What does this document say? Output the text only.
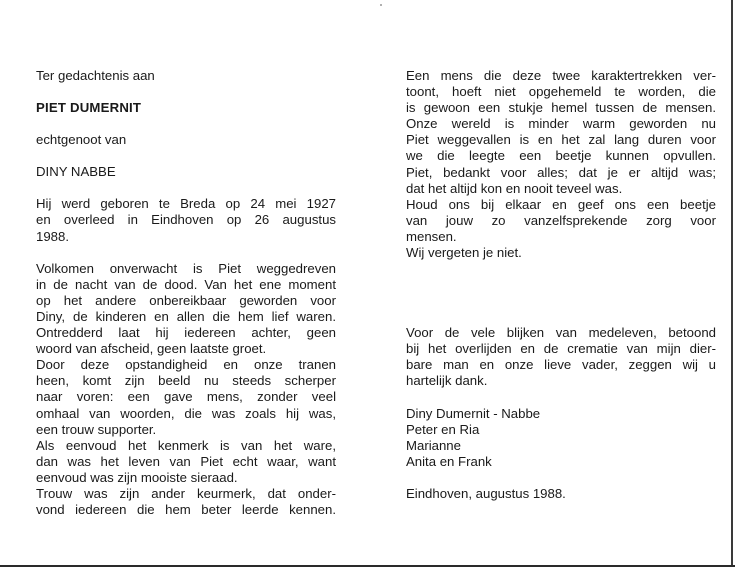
Ter gedachtenis aan
PIET DUMERNIT
echtgenoot van
DINY NABBE
Hij werd geboren te Breda op 24 mei 1927
en overleed in Eindhoven op 26 augustus
1988.
Volkomen onverwacht is Piet weggedreven
in de nacht van de dood. Van het ene moment
op het andere onbereikbaar geworden voor
Diny, de kinderen en allen die hem lief waren.
Ontredderd laat hij iedereen achter, geen
woord van afscheid, geen laatste groet.
Door deze opstandigheid en onze tranen
heen, komt zijn beeld nu steeds scherper
naar voren: een gave mens, zonder veel
omhaal van woorden, die was zoals hij was,
een trouw supporter.
Als eenvoud het kenmerk is van het ware,
dan was het leven van Piet echt waar, want
eenvoud was zijn mooiste sieraad.
Trouw was zijn ander keurmerk, dat onder-
vond iedereen die hem beter leerde kennen.
Een mens die deze twee karaktertrekken ver-
toont, hoeft niet opgehemeld te worden, die
is gewoon een stukje hemel tussen de mensen.
Onze wereld is minder warm geworden nu
Piet weggevallen is en het zal lang duren voor
we die leegte een beetje kunnen opvullen.
Piet, bedankt voor alles; dat je er altijd was;
dat het altijd kon en nooit teveel was.
Houd ons bij elkaar en geef ons een beetje
van jouw zo vanzelfsprekende zorg voor
mensen.
Wij vergeten je niet.
Voor de vele blijken van medeleven, betoond
bij het overlijden en de crematie van mijn dier-
bare man en onze lieve vader, zeggen wij u
hartelijk dank.
Diny Dumernit - Nabbe
Peter en Ria
Marianne
Anita en Frank
Eindhoven, augustus 1988.
